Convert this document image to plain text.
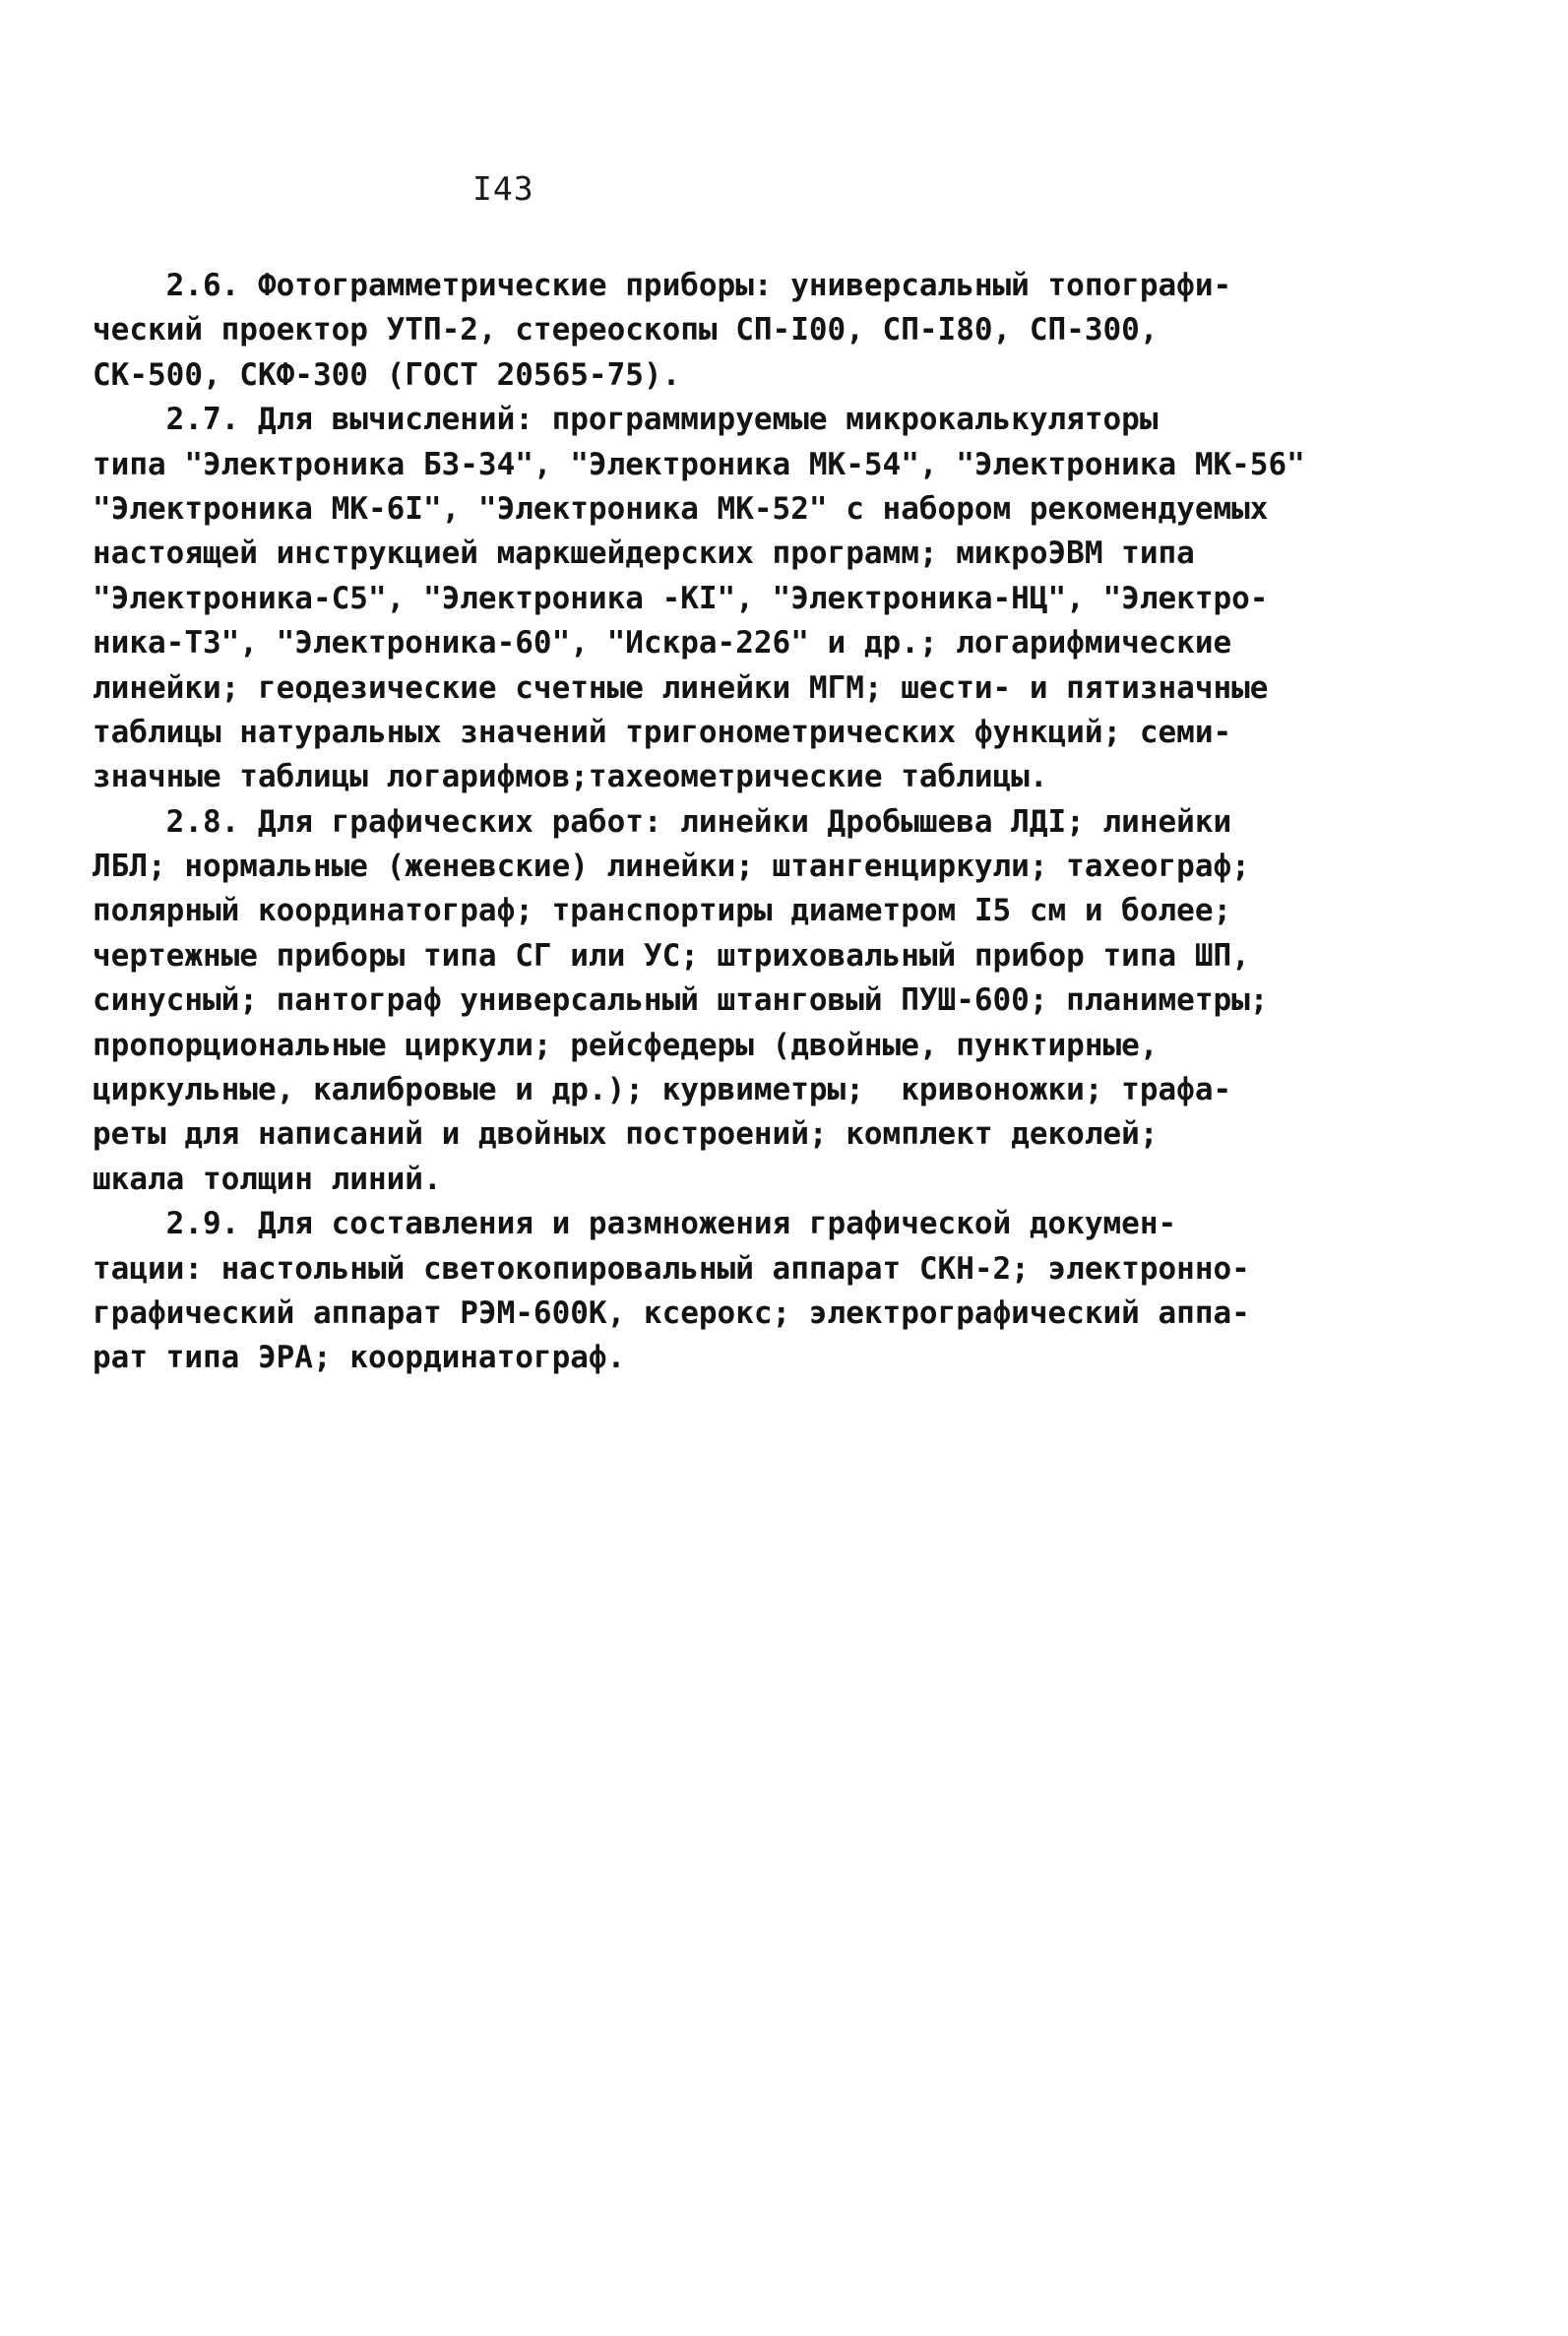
I43
2.6. Фотограмметрические приборы: универсальный топографи-
ческий проектор УТП-2, стереоскопы СП-I00, СП-I80, СП-300,
СК-500, СКФ-300 (ГОСТ 20565-75).
2.7. Для вычислений: программируемые микрокалькуляторы
типа "Электроника Б3-34", "Электроника МК-54", "Электроника МК-56"
"Электроника МК-6I", "Электроника МК-52" с набором рекомендуемых
настоящей инструкцией маркшейдерских программ; микроЭВМ типа
"Электроника-С5", "Электроника -КI", "Электроника-НЦ", "Электро-
ника-Т3", "Электроника-60", "Искра-226" и др.; логарифмические
линейки; геодезические счетные линейки МГМ; шести- и пятизначные
таблицы натуральных значений тригонометрических функций; семи-
значные таблицы логарифмов;тахеометрические таблицы.
2.8. Для графических работ: линейки Дробышева ЛДI; линейки
ЛБЛ; нормальные (женевские) линейки; штангенциркули; тахеограф;
полярный координатограф; транспортиры диаметром I5 см и более;
чертежные приборы типа СГ или УС; штриховальный прибор типа ШП,
синусный; пантограф универсальный штанговый ПУШ-600; планиметры;
пропорциональные циркули; рейсфедеры (двойные, пунктирные,
циркульные, калибровые и др.); курвиметры;  кривоножки; трафа-
реты для написаний и двойных построений; комплект деколей;
шкала толщин линий.
2.9. Для составления и размножения графической докумен-
тации: настольный светокопировальный аппарат СКН-2; электронно-
графический аппарат РЭМ-600К, ксерокс; электрографический аппа-
рат типа ЭРА; координатограф.
